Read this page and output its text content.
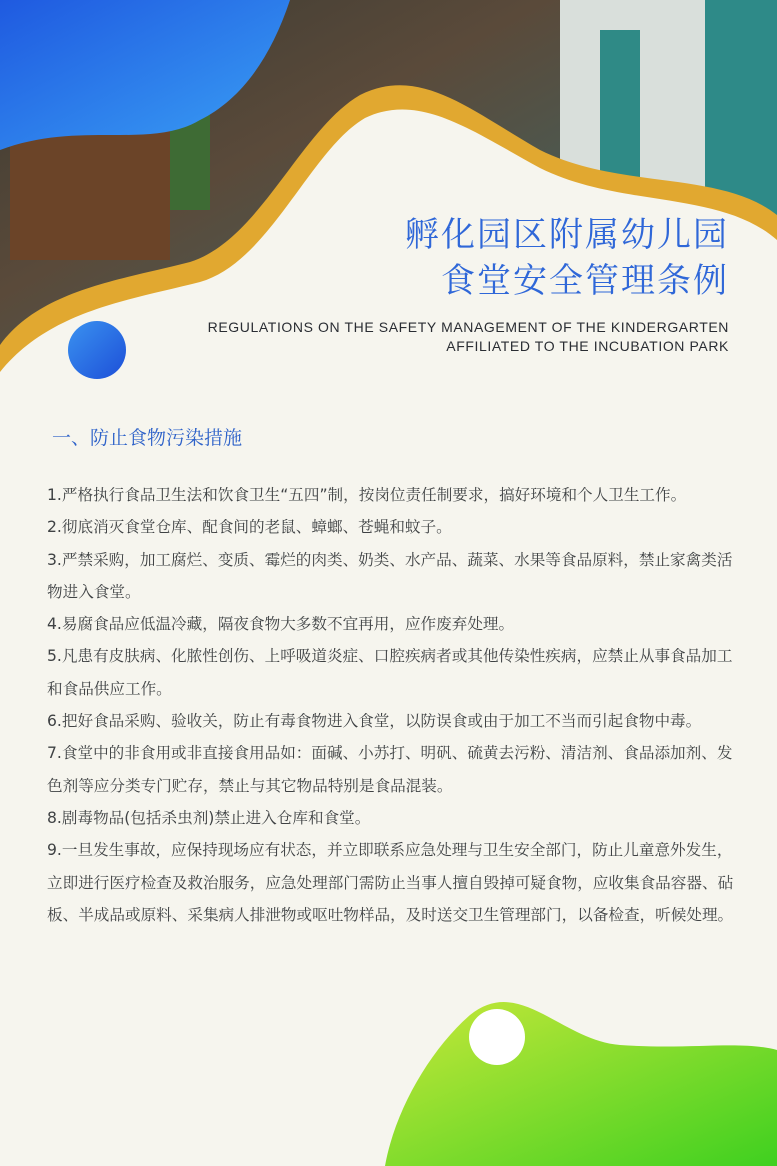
孵化园区附属幼儿园
食堂安全管理条例
REGULATIONS ON THE SAFETY MANAGEMENT OF THE KINDERGARTEN
AFFILIATED TO THE INCUBATION PARK
一、防止食物污染措施

1.严格执行食品卫生法和饮食卫生“五四”制，按岗位责任制要求，搞好环境和个人卫生工作。

2.彻底消灭食堂仓库、配食间的老鼠、蟑螂、苍蝇和蚊子。

3.严禁采购，加工腐烂、变质、霉烂的肉类、奶类、水产品、蔬菜、水果等食品原料，禁止家禽类活物进入食堂。

4.易腐食品应低温冷藏，隔夜食物大多数不宜再用，应作废弃处理。

5.凡患有皮肤病、化脓性创伤、上呼吸道炎症、口腔疾病者或其他传染性疾病，应禁止从事食品加工和食品供应工作。

6.把好食品采购、验收关，防止有毒食物进入食堂，以防误食或由于加工不当而引起食物中毒。

7.食堂中的非食用或非直接食用品如：面碱、小苏打、明矾、硫黄去污粉、清洁剂、食品添加剂、发色剂等应分类专门贮存，禁止与其它物品特别是食品混装。

8.剧毒物品(包括杀虫剂)禁止进入仓库和食堂。

9.一旦发生事故，应保持现场应有状态，并立即联系应急处理与卫生安全部门，防止儿童意外发生，立即进行医疗检查及救治服务，应急处理部门需防止当事人擅自毁掉可疑食物，应收集食品容器、砧板、半成品或原料、采集病人排泄物或呕吐物样品，及时送交卫生管理部门，以备检查，听候处理。
